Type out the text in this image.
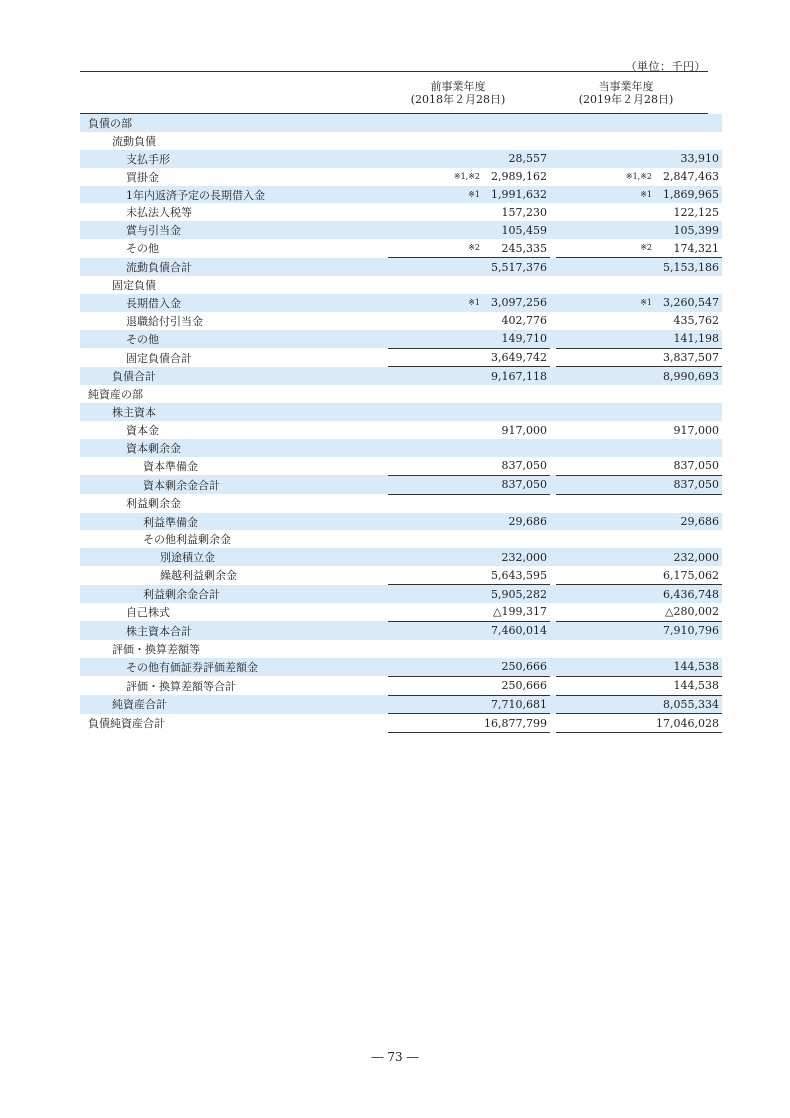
（単位：千円）
前事業年度
(2018年２月28日)
当事業年度
(2019年２月28日)
負債の部		

流動負債		

支払手形		28,557		33,910
買掛金		※1,※2 2,989,162		※1,※2 2,847,463
1年内返済予定の長期借入金		※1 1,991,632		※1 1,869,965
未払法人税等		157,230		122,125
賞与引当金		105,459		105,399
その他		※2 245,335		※2 174,321
流動負債合計		5,517,376		5,153,186
固定負債		

長期借入金		※1 3,097,256		※1 3,260,547
退職給付引当金		402,776		435,762
その他		149,710		141,198
固定負債合計		3,649,742		3,837,507
負債合計		9,167,118		8,990,693
純資産の部		

株主資本		

資本金		917,000		917,000
資本剰余金		

資本準備金		837,050		837,050
資本剰余金合計		837,050		837,050
利益剰余金		

利益準備金		29,686		29,686
その他利益剰余金		

別途積立金		232,000		232,000
繰越利益剰余金		5,643,595		6,175,062
利益剰余金合計		5,905,282		6,436,748
自己株式		△199,317		△280,002
株主資本合計		7,460,014		7,910,796
評価・換算差額等		

その他有価証券評価差額金		250,666		144,538
評価・換算差額等合計		250,666		144,538
純資産合計		7,710,681		8,055,334
負債純資産合計		16,877,799		17,046,028
― 73 ―
